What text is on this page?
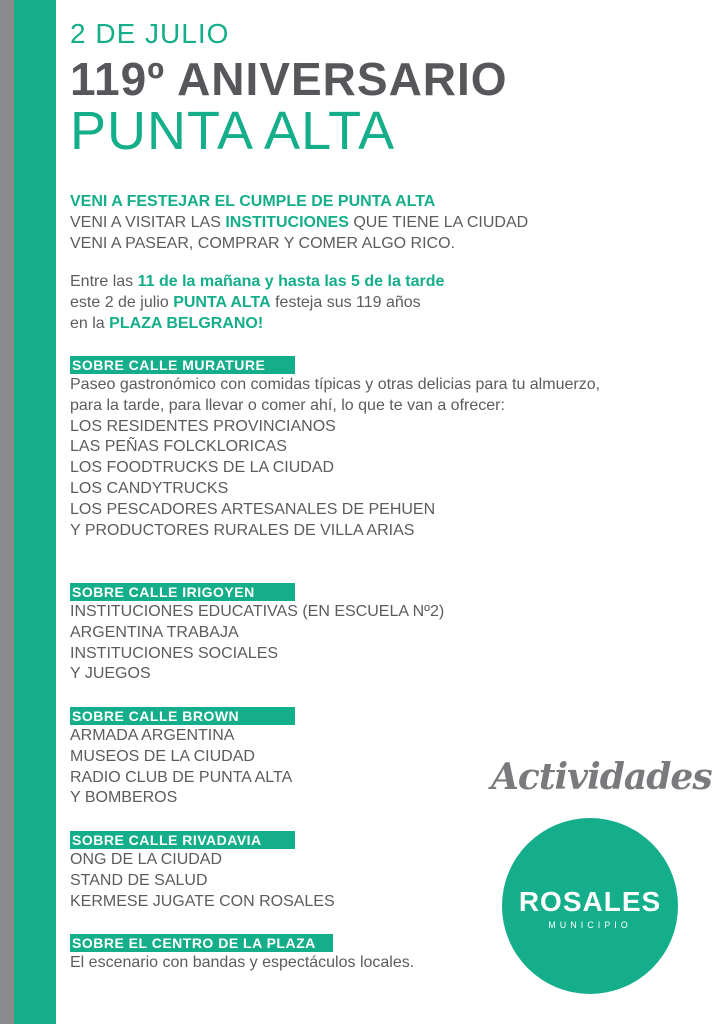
2 DE JULIO
119º ANIVERSARIO
PUNTA ALTA
VENI A FESTEJAR EL CUMPLE DE PUNTA ALTA
VENI A VISITAR LAS INSTITUCIONES QUE TIENE LA CIUDAD
VENI A PASEAR, COMPRAR Y COMER ALGO RICO.
Entre las 11 de la mañana y hasta las 5 de la tarde
este 2 de julio PUNTA ALTA festeja sus 119 años
en la PLAZA BELGRANO!
SOBRE CALLE MURATURE
Paseo gastronómico con comidas típicas y otras delicias para tu almuerzo,
para la tarde, para llevar o comer ahí, lo que te van a ofrecer:
LOS RESIDENTES PROVINCIANOS
LAS PEÑAS FOLCKLORICAS
LOS FOODTRUCKS DE LA CIUDAD
LOS CANDYTRUCKS
LOS PESCADORES ARTESANALES DE PEHUEN
Y PRODUCTORES RURALES DE VILLA ARIAS
SOBRE CALLE IRIGOYEN
INSTITUCIONES EDUCATIVAS (EN ESCUELA Nº2)
ARGENTINA TRABAJA
INSTITUCIONES SOCIALES
Y JUEGOS
SOBRE CALLE BROWN
ARMADA ARGENTINA
MUSEOS DE LA CIUDAD
RADIO CLUB DE PUNTA ALTA
Y BOMBEROS
SOBRE CALLE RIVADAVIA
ONG DE LA CIUDAD
STAND DE SALUD
KERMESE JUGATE CON ROSALES
SOBRE EL CENTRO DE LA PLAZA
El escenario con bandas y espectáculos locales.
Actividades
ROSALES
MUNICIPIO
